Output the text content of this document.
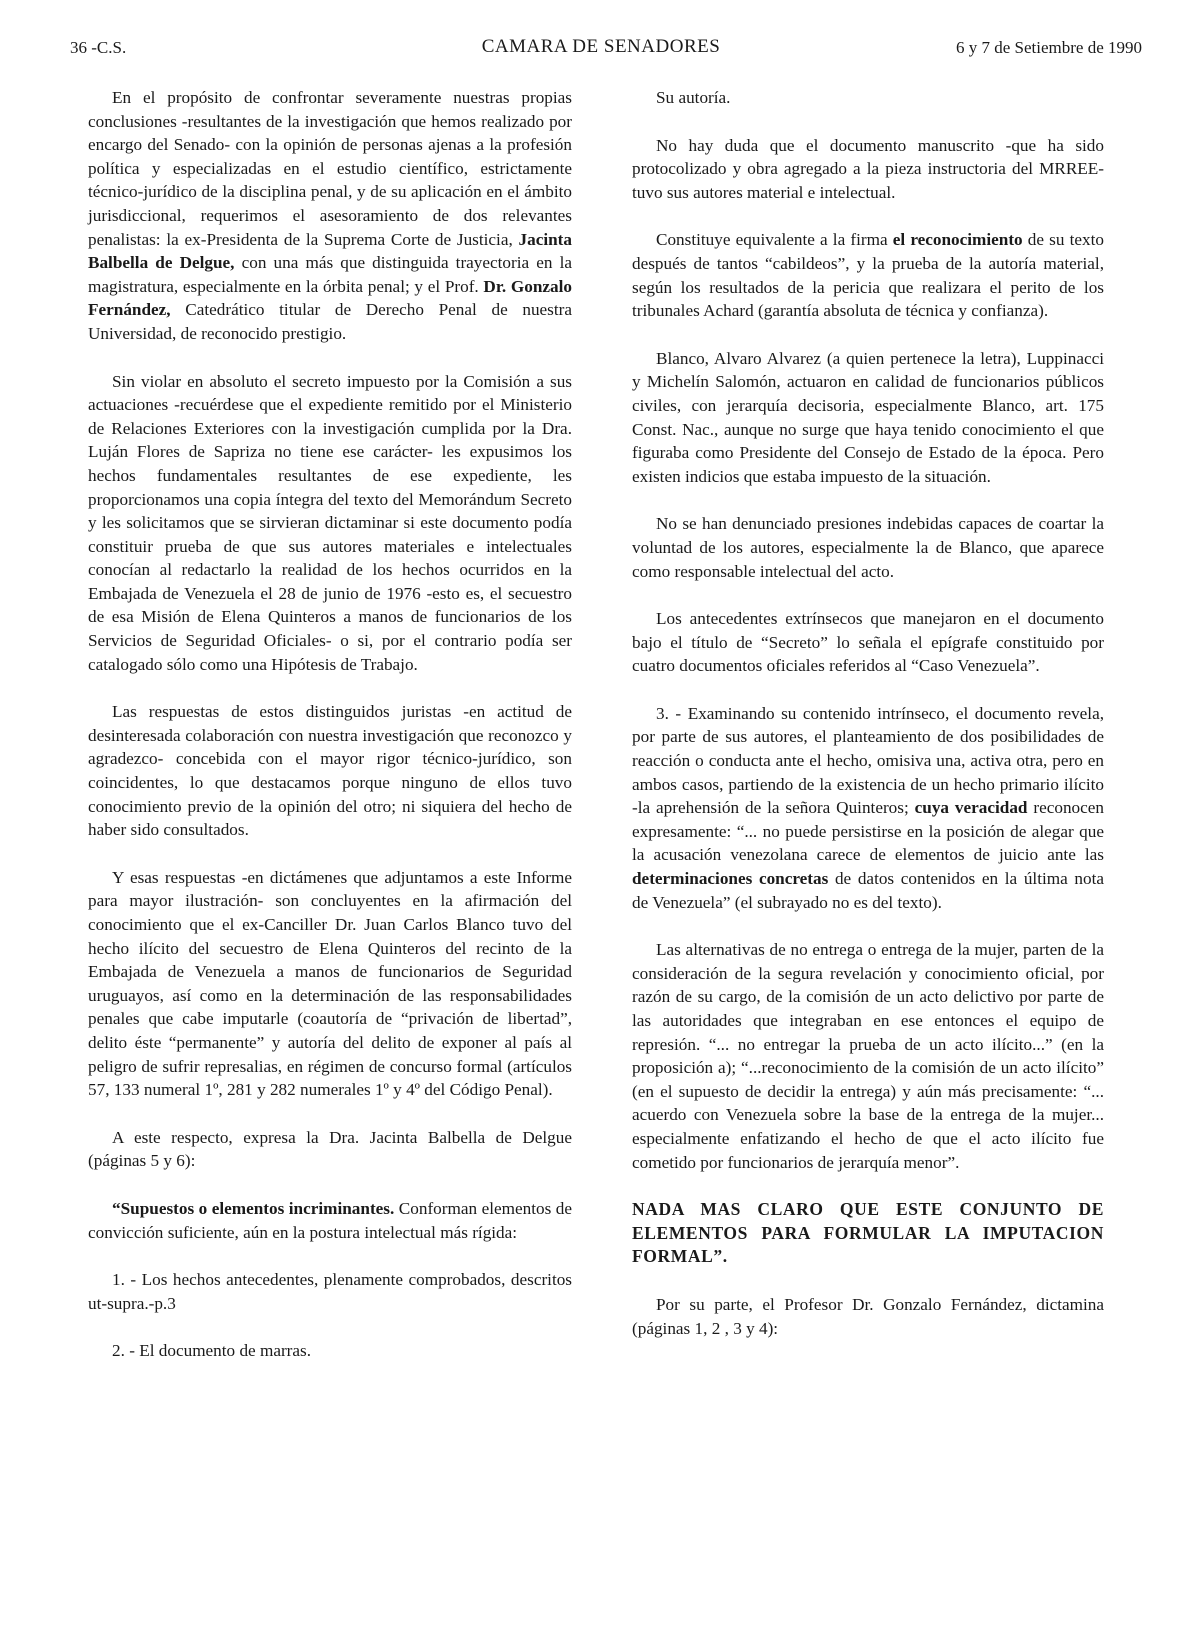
36 -C.S.	CAMARA DE SENADORES	6 y 7 de Setiembre de 1990

En el propósito de confrontar severamente nuestras propias conclusiones -resultantes de la investigación que hemos realizado por encargo del Senado- con la opinión de personas ajenas a la profesión política y especializadas en el estudio científico, estrictamente técnico-jurídico de la disciplina penal, y de su aplicación en el ámbito jurisdiccional, requerimos el asesoramiento de dos relevantes penalistas: la ex-Presidenta de la Suprema Corte de Justicia, Jacinta Balbella de Delgue, con una más que distinguida trayectoria en la magistratura, especialmente en la órbita penal; y el Prof. Dr. Gonzalo Fernández, Catedrático titular de Derecho Penal de nuestra Universidad, de reconocido prestigio.

Sin violar en absoluto el secreto impuesto por la Comisión a sus actuaciones -recuérdese que el expediente remitido por el Ministerio de Relaciones Exteriores con la investigación cumplida por la Dra. Luján Flores de Sapriza no tiene ese carácter- les expusimos los hechos fundamentales resultantes de ese expediente, les proporcionamos una copia íntegra del texto del Memorándum Secreto y les solicitamos que se sirvieran dictaminar si este documento podía constituir prueba de que sus autores materiales e intelectuales conocían al redactarlo la realidad de los hechos ocurridos en la Embajada de Venezuela el 28 de junio de 1976 -esto es, el secuestro de esa Misión de Elena Quinteros a manos de funcionarios de los Servicios de Seguridad Oficiales- o si, por el contrario podía ser catalogado sólo como una Hipótesis de Trabajo.

Las respuestas de estos distinguidos juristas -en actitud de desinteresada colaboración con nuestra investigación que reconozco y agradezco- concebida con el mayor rigor técnico-jurídico, son coincidentes, lo que destacamos porque ninguno de ellos tuvo conocimiento previo de la opinión del otro; ni siquiera del hecho de haber sido consultados.

Y esas respuestas -en dictámenes que adjuntamos a este Informe para mayor ilustración- son concluyentes en la afirmación del conocimiento que el ex-Canciller Dr. Juan Carlos Blanco tuvo del hecho ilícito del secuestro de Elena Quinteros del recinto de la Embajada de Venezuela a manos de funcionarios de Seguridad uruguayos, así como en la determinación de las responsabilidades penales que cabe imputarle (coautoría de “privación de libertad”, delito éste “permanente” y autoría del delito de exponer al país al peligro de sufrir represalias, en régimen de concurso formal (artículos 57, 133 numeral 1º, 281 y 282 numerales 1º y 4º del Código Penal).

A este respecto, expresa la Dra. Jacinta Balbella de Delgue (páginas 5 y 6):

“Supuestos o elementos incriminantes. Conforman elementos de convicción suficiente, aún en la postura intelectual más rígida:

1. - Los hechos antecedentes, plenamente comprobados, descritos ut-supra.-p.3

2. - El documento de marras.

Su autoría.

No hay duda que el documento manuscrito -que ha sido protocolizado y obra agregado a la pieza instructoria del MRREE- tuvo sus autores material e intelectual.

Constituye equivalente a la firma el reconocimiento de su texto después de tantos “cabildeos”, y la prueba de la autoría material, según los resultados de la pericia que realizara el perito de los tribunales Achard (garantía absoluta de técnica y confianza).

Blanco, Alvaro Alvarez (a quien pertenece la letra), Luppinacci y Michelín Salomón, actuaron en calidad de funcionarios públicos civiles, con jerarquía decisoria, especialmente Blanco, art. 175 Const. Nac., aunque no surge que haya tenido conocimiento el que figuraba como Presidente del Consejo de Estado de la época. Pero existen indicios que estaba impuesto de la situación.

No se han denunciado presiones indebidas capaces de coartar la voluntad de los autores, especialmente la de Blanco, que aparece como responsable intelectual del acto.

Los antecedentes extrínsecos que manejaron en el documento bajo el título de “Secreto” lo señala el epígrafe constituido por cuatro documentos oficiales referidos al “Caso Venezuela”.

3. - Examinando su contenido intrínseco, el documento revela, por parte de sus autores, el planteamiento de dos posibilidades de reacción o conducta ante el hecho, omisiva una, activa otra, pero en ambos casos, partiendo de la existencia de un hecho primario ilícito -la aprehensión de la señora Quinteros; cuya veracidad reconocen expresamente: “... no puede persistirse en la posición de alegar que la acusación venezolana carece de elementos de juicio ante las determinaciones concretas de datos contenidos en la última nota de Venezuela” (el subrayado no es del texto).

Las alternativas de no entrega o entrega de la mujer, parten de la consideración de la segura revelación y conocimiento oficial, por razón de su cargo, de la comisión de un acto delictivo por parte de las autoridades que integraban en ese entonces el equipo de represión. “... no entregar la prueba de un acto ilícito...” (en la proposición a); “...reconocimiento de la comisión de un acto ilícito” (en el supuesto de decidir la entrega) y aún más precisamente: “... acuerdo con Venezuela sobre la base de la entrega de la mujer... especialmente enfatizando el hecho de que el acto ilícito fue cometido por funcionarios de jerarquía menor”.

NADA MAS CLARO QUE ESTE CONJUNTO DE ELEMENTOS PARA FORMULAR LA IMPUTACION FORMAL”.

Por su parte, el Profesor Dr. Gonzalo Fernández, dictamina (páginas 1, 2 , 3 y 4):
